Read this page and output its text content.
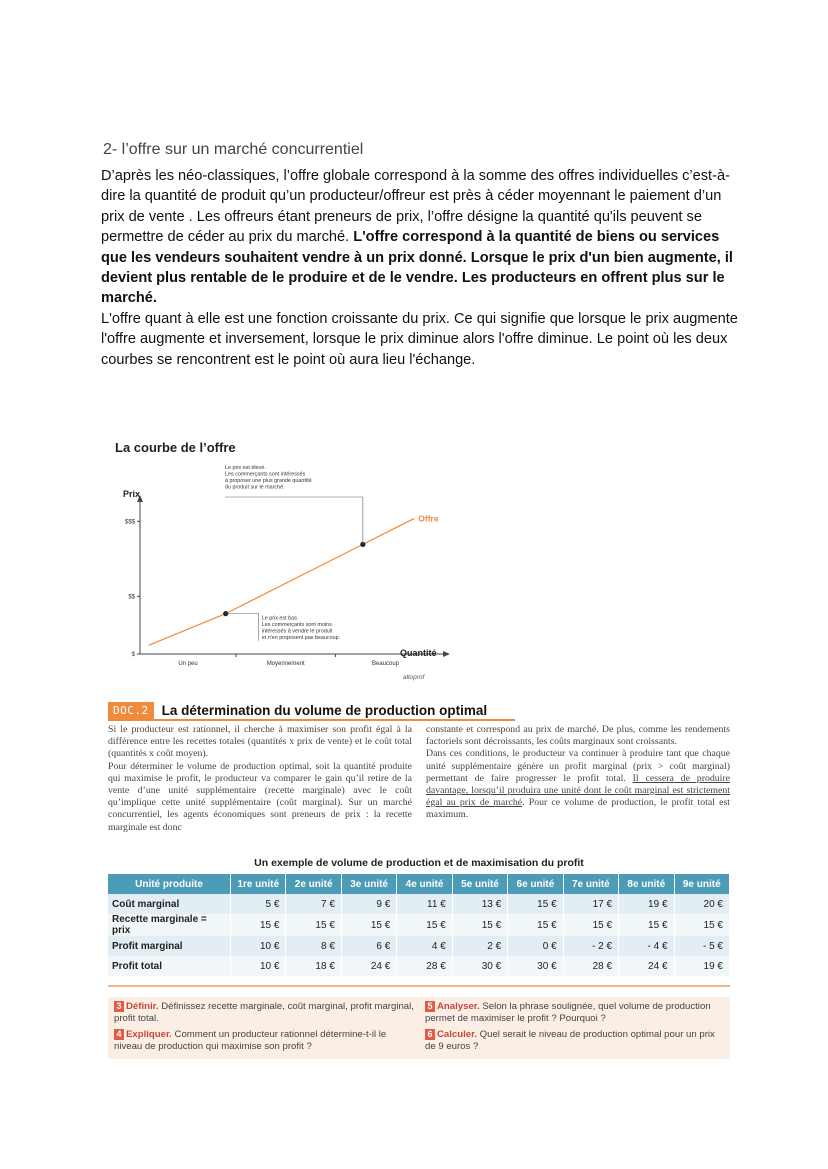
2- l’offre sur un marché concurrentiel

D’après les néo-classiques, l’offre globale correspond à la somme des offres individuelles c’est-à-dire la quantité de produit qu’un producteur/offreur est près à céder moyennant le paiement d’un prix de vente . Les offreurs étant preneurs de prix, l’offre désigne la quantité qu'ils peuvent se permettre de céder au prix du marché. L'offre correspond à la quantité de biens ou services que les vendeurs souhaitent vendre à un prix donné. Lorsque le prix d'un bien augmente, il devient plus rentable de le produire et de le vendre. Les producteurs en offrent plus sur le marché.

L'offre quant à elle est une fonction croissante du prix. Ce qui signifie que lorsque le prix augmente l'offre augmente et inversement, lorsque le prix diminue alors l'offre diminue. Le point où les deux courbes se rencontrent est le point où aura lieu l'échange.

La courbe de l’offre
Prix
Quantité
$
$$
$$$
Un peu	Moyennement	Beaucoup
Offre
Le prix est bas.
Les commerçants sont moins
intéressés à vendre le produit
et n'en proposent pas beaucoup.
Le prix est élevé.
Les commerçants sont intéressés
à proposer une plus grande quantité
du produit sur le marché.
alloprof
DOC.2 La détermination du volume de production optimal

Si le producteur est rationnel, il cherche à maximiser son profit égal à la différence entre les recettes totales (quantités x prix de vente) et le coût total (quantités x coût moyen).

Pour déterminer le volume de production optimal, soit la quantité produite qui maximise le profit, le producteur va comparer le gain qu’il retire de la vente d’une unité supplémentaire (recette marginale) avec le coût qu’implique cette unité supplémentaire (coût marginal). Sur un marché concurrentiel, les agents économiques sont preneurs de prix : la recette marginale est donc

constante et correspond au prix de marché. De plus, comme les rendements factoriels sont décroissants, les coûts marginaux sont croissants.

Dans ces conditions, le producteur va continuer à produire tant que chaque unité supplémentaire génère un profit marginal (prix > coût marginal) permettant de faire progresser le profit total. Il cessera de produire davantage, lorsqu’il produira une unité dont le coût marginal est strictement égal au prix de marché. Pour ce volume de production, le profit total est maximum.

Un exemple de volume de production et de maximisation du profit
Unité produite	1re unité	2e unité	3e unité	4e unité	5e unité	6e unité	7e unité	8e unité	9e unité
Coût marginal	5 €	7 €	9 €	11 €	13 €	15 €	17 €	19 €	20 €
Recette marginale = prix	15 €	15 €	15 €	15 €	15 €	15 €	15 €	15 €	15 €
Profit marginal	10 €	8 €	6 €	4 €	2 €	0 €	- 2 €	- 4 €	- 5 €
Profit total	10 €	18 €	24 €	28 €	30 €	30 €	28 €	24 €	19 €
3 Définir. Définissez recette marginale, coût marginal, profit marginal, profit total.
4 Expliquer. Comment un producteur rationnel détermine-t-il le niveau de production qui maximise son profit ?
5 Analyser. Selon la phrase soulignée, quel volume de production permet de maximiser le profit ? Pourquoi ?
6 Calculer. Quel serait le niveau de production optimal pour un prix de 9 euros ?
